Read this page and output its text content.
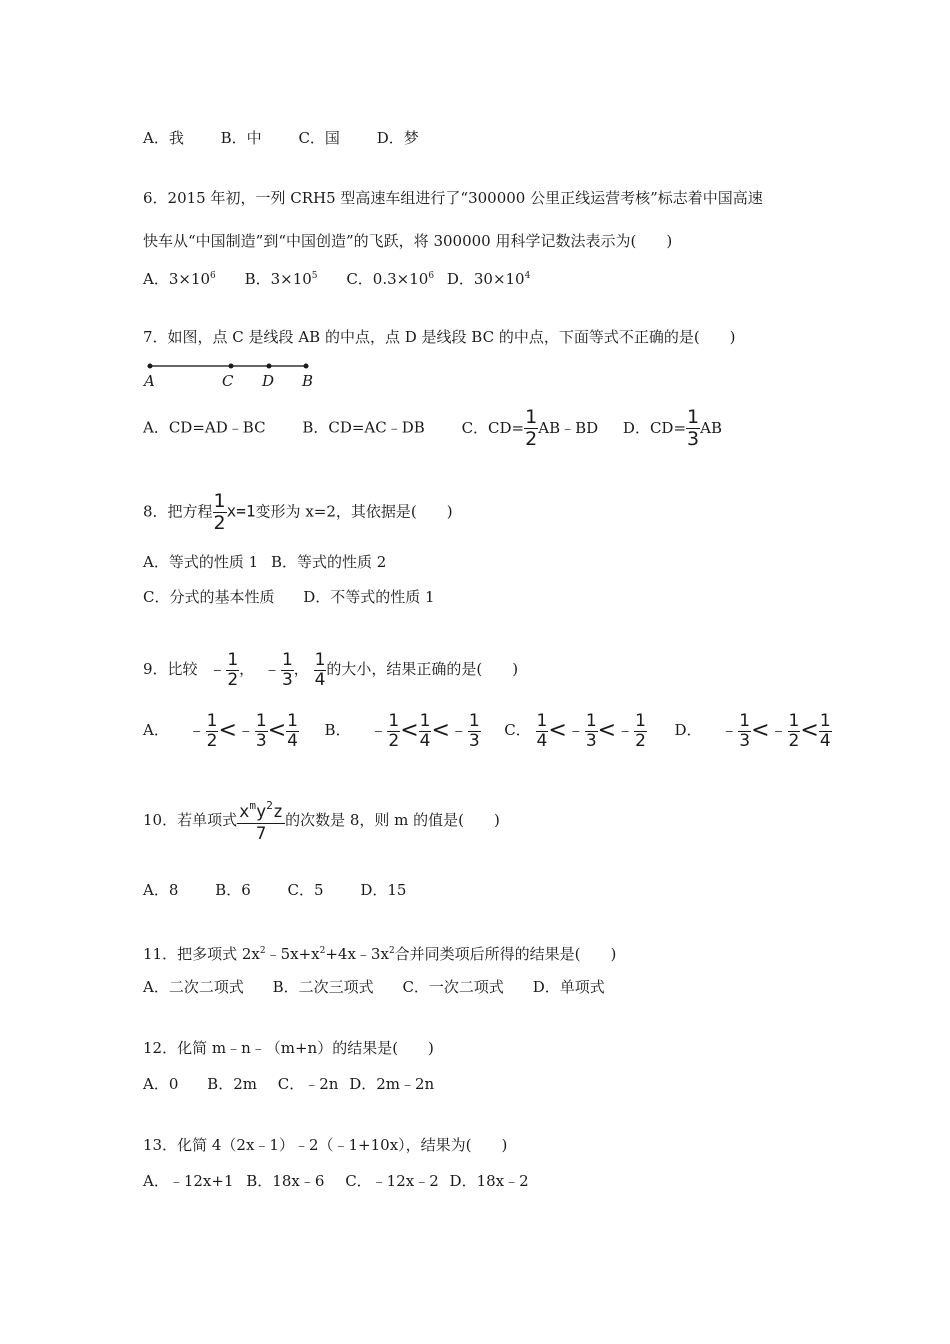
A．我 B．中 C．国 D．梦
6．2015 年初，一列 CRH5 型高速车组进行了“300000 公里正线运营考核”标志着中国高速
快车从“中国制造”到“中国创造”的飞跃，将 300000 用科学记数法表示为(　　)
A．$3\times 10^6$ B．$3\times 10^5$ C．$0.3\times 10^6$ D．$30\times 10^4$
7．如图，点 C 是线段 AB 的中点，点 D 是线段 BC 的中点，下面等式不正确的是(　　)
A	C D B
A．CD=AD﹣BC B．CD=AC﹣DB C．$CD= \frac{1}{2}$ AB﹣BD D．$CD= \frac{1}{3}$ AB
8．把方程 $\frac{1}{2} x=1$变形为 x=2，其依据是(　　)
A．等式的性质 1 B．等式的性质 2
C．分式的基本性质 D．不等式的性质 1
9．比较 ﹣ $\frac{1}{2}$ ， ﹣ $\frac{1}{3}$ ， $\frac{1}{4}$ 的大小，结果正确的是(　　)
A． ﹣ $\frac{1}{2}$ <﹣ $\frac{1}{3} < \frac{1}{4}$ B． ﹣ $\frac{1}{2} < \frac{1}{4}$ <﹣ $\frac{1}{3}$ C． $\frac{1}{4}$ <﹣ $\frac{1}{3}$ <﹣ $\frac{1}{2}$ D． ﹣ $\frac{1}{3}$ <﹣ $\frac{1}{2} < \frac{1}{4}$
10．若单项式 $x^my^2z$
7
的次数是 8，则 m 的值是(　　)
A．8 B．6 C．5 D．15
11．把多项式 $2x^2﹣5x+x^2+4x﹣3x^2$合并同类项后所得的结果是(　　)
A．二次二项式 B．二次三项式 C．一次二项式 D．单项式
12．化简 m﹣n﹣（m+n）的结果是(　　)
A．0 B．2m C．﹣2n D．2m﹣2n
13．化简 4（2x﹣1）﹣2（﹣1+10x），结果为(　　)
A．﹣12x+1 B．18x﹣6 C．﹣12x﹣2 D．18x﹣2
